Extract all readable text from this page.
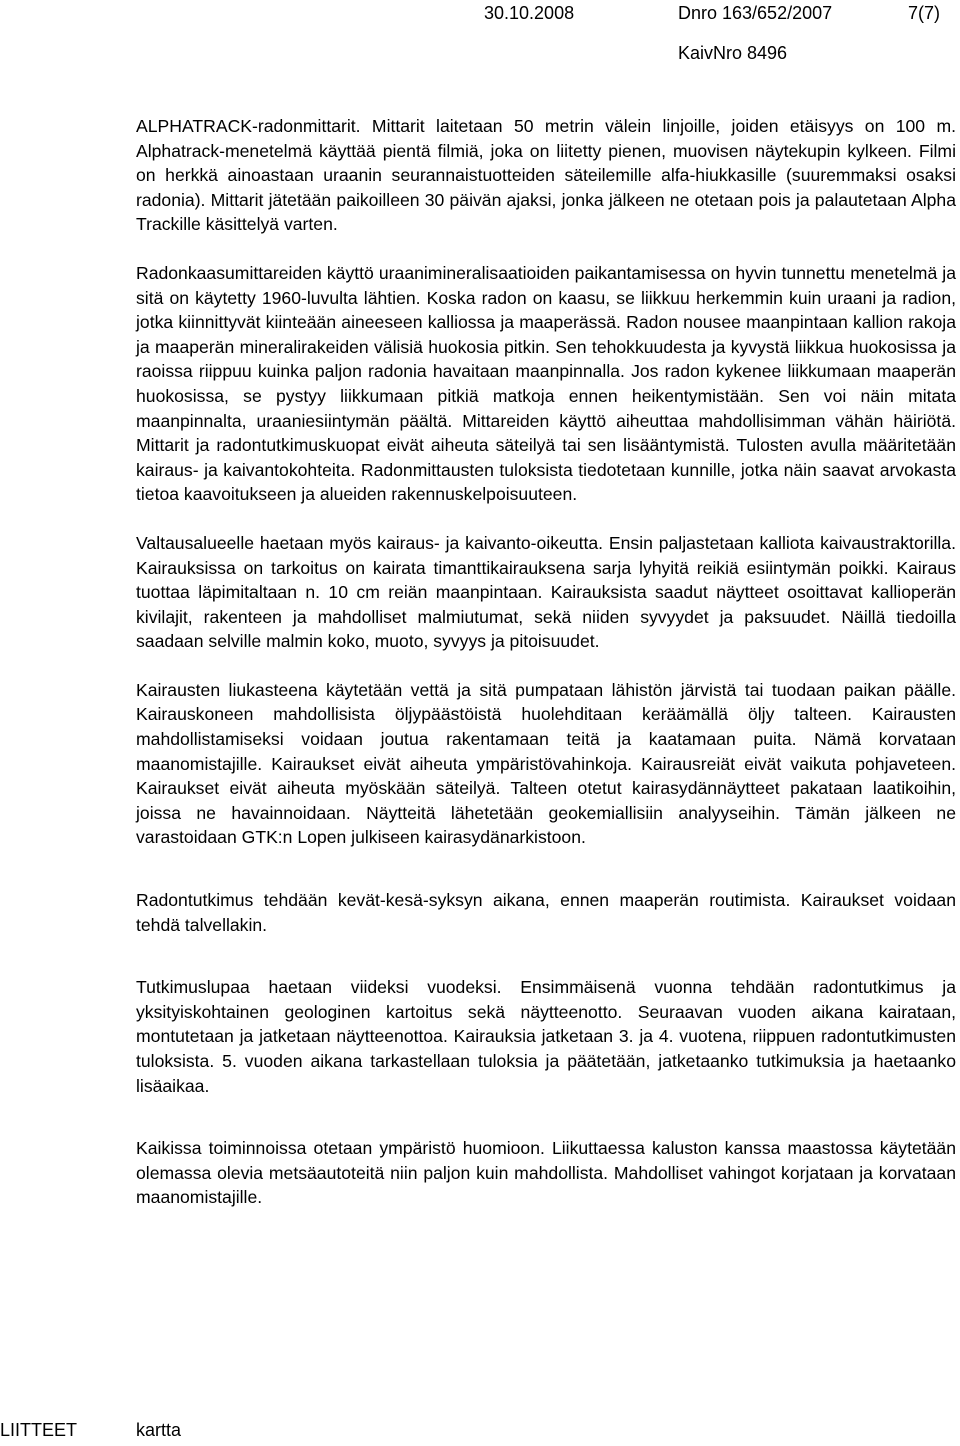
30.10.2008	Dnro 163/652/2007	7(7)
KaivNro 8496

ALPHATRACK-radonmittarit. Mittarit laitetaan 50 metrin välein linjoille, joiden etäisyys on 100 m. Alphatrack-menetelmä käyttää pientä filmiä, joka on liitetty pienen, muovisen näytekupin kylkeen. Filmi on herkkä ainoastaan uraanin seurannaistuotteiden säteilemille alfa-hiukkasille (suuremmaksi osaksi radonia). Mittarit jätetään paikoilleen 30 päivän ajaksi, jonka jälkeen ne otetaan pois ja palautetaan Alpha Trackille käsittelyä varten.

Radonkaasumittareiden käyttö uraanimineralisaatioiden paikantamisessa on hyvin tunnettu menetelmä ja sitä on käytetty 1960-luvulta lähtien. Koska radon on kaasu, se liikkuu herkemmin kuin uraani ja radion, jotka kiinnittyvät kiinteään aineeseen kalliossa ja maaperässä. Radon nousee maanpintaan kallion rakoja ja maaperän mineralirakeiden välisiä huokosia pitkin. Sen tehokkuudesta ja kyvystä liikkua huokosissa ja raoissa riippuu kuinka paljon radonia havaitaan maanpinnalla. Jos radon kykenee liikkumaan maaperän huokosissa, se pystyy liikkumaan pitkiä matkoja ennen heikentymistään. Sen voi näin mitata maanpinnalta, uraaniesiintymän päältä. Mittareiden käyttö aiheuttaa mahdollisimman vähän häiriötä. Mittarit ja radontutkimuskuopat eivät aiheuta säteilyä tai sen lisääntymistä. Tulosten avulla määritetään kairaus- ja kaivantokohteita. Radonmittausten tuloksista tiedotetaan kunnille, jotka näin saavat arvokasta tietoa kaavoitukseen ja alueiden rakennuskelpoisuuteen.

Valtausalueelle haetaan myös kairaus- ja kaivanto-oikeutta. Ensin paljastetaan kalliota kaivaustraktorilla. Kairauksissa on tarkoitus on kairata timanttikairauksena sarja lyhyitä reikiä esiintymän poikki. Kairaus tuottaa läpimitaltaan n. 10 cm reiän maanpintaan. Kairauksista saadut näytteet osoittavat kallioperän kivilajit, rakenteen ja mahdolliset malmiutumat, sekä niiden syvyydet ja paksuudet. Näillä tiedoilla saadaan selville malmin koko, muoto, syvyys ja pitoisuudet.

Kairausten liukasteena käytetään vettä ja sitä pumpataan lähistön järvistä tai tuodaan paikan päälle. Kairauskoneen mahdollisista öljypäästöistä huolehditaan keräämällä öljy talteen. Kairausten mahdollistamiseksi voidaan joutua rakentamaan teitä ja kaatamaan puita. Nämä korvataan maanomistajille. Kairaukset eivät aiheuta ympäristövahinkoja. Kairausreiät eivät vaikuta pohjaveteen. Kairaukset eivät aiheuta myöskään säteilyä. Talteen otetut kairasydännäytteet pakataan laatikoihin, joissa ne havainnoidaan. Näytteitä lähetetään geokemiallisiin analyyseihin. Tämän jälkeen ne varastoidaan GTK:n Lopen julkiseen kairasydänarkistoon.

Radontutkimus tehdään kevät-kesä-syksyn aikana, ennen maaperän routimista. Kairaukset voidaan tehdä talvellakin.

Tutkimuslupaa haetaan viideksi vuodeksi. Ensimmäisenä vuonna tehdään radontutkimus ja yksityiskohtainen geologinen kartoitus sekä näytteenotto. Seuraavan vuoden aikana kairataan, montutetaan ja jatketaan näytteenottoa. Kairauksia jatketaan 3. ja 4. vuotena, riippuen radontutkimusten tuloksista. 5. vuoden aikana tarkastellaan tuloksia ja päätetään, jatketaanko tutkimuksia ja haetaanko lisäaikaa.

Kaikissa toiminnoissa otetaan ympäristö huomioon. Liikuttaessa kaluston kanssa maastossa käytetään olemassa olevia metsäautoteitä niin paljon kuin mahdollista. Mahdolliset vahingot korjataan ja korvataan maanomistajille.

LIITTEET	kartta
